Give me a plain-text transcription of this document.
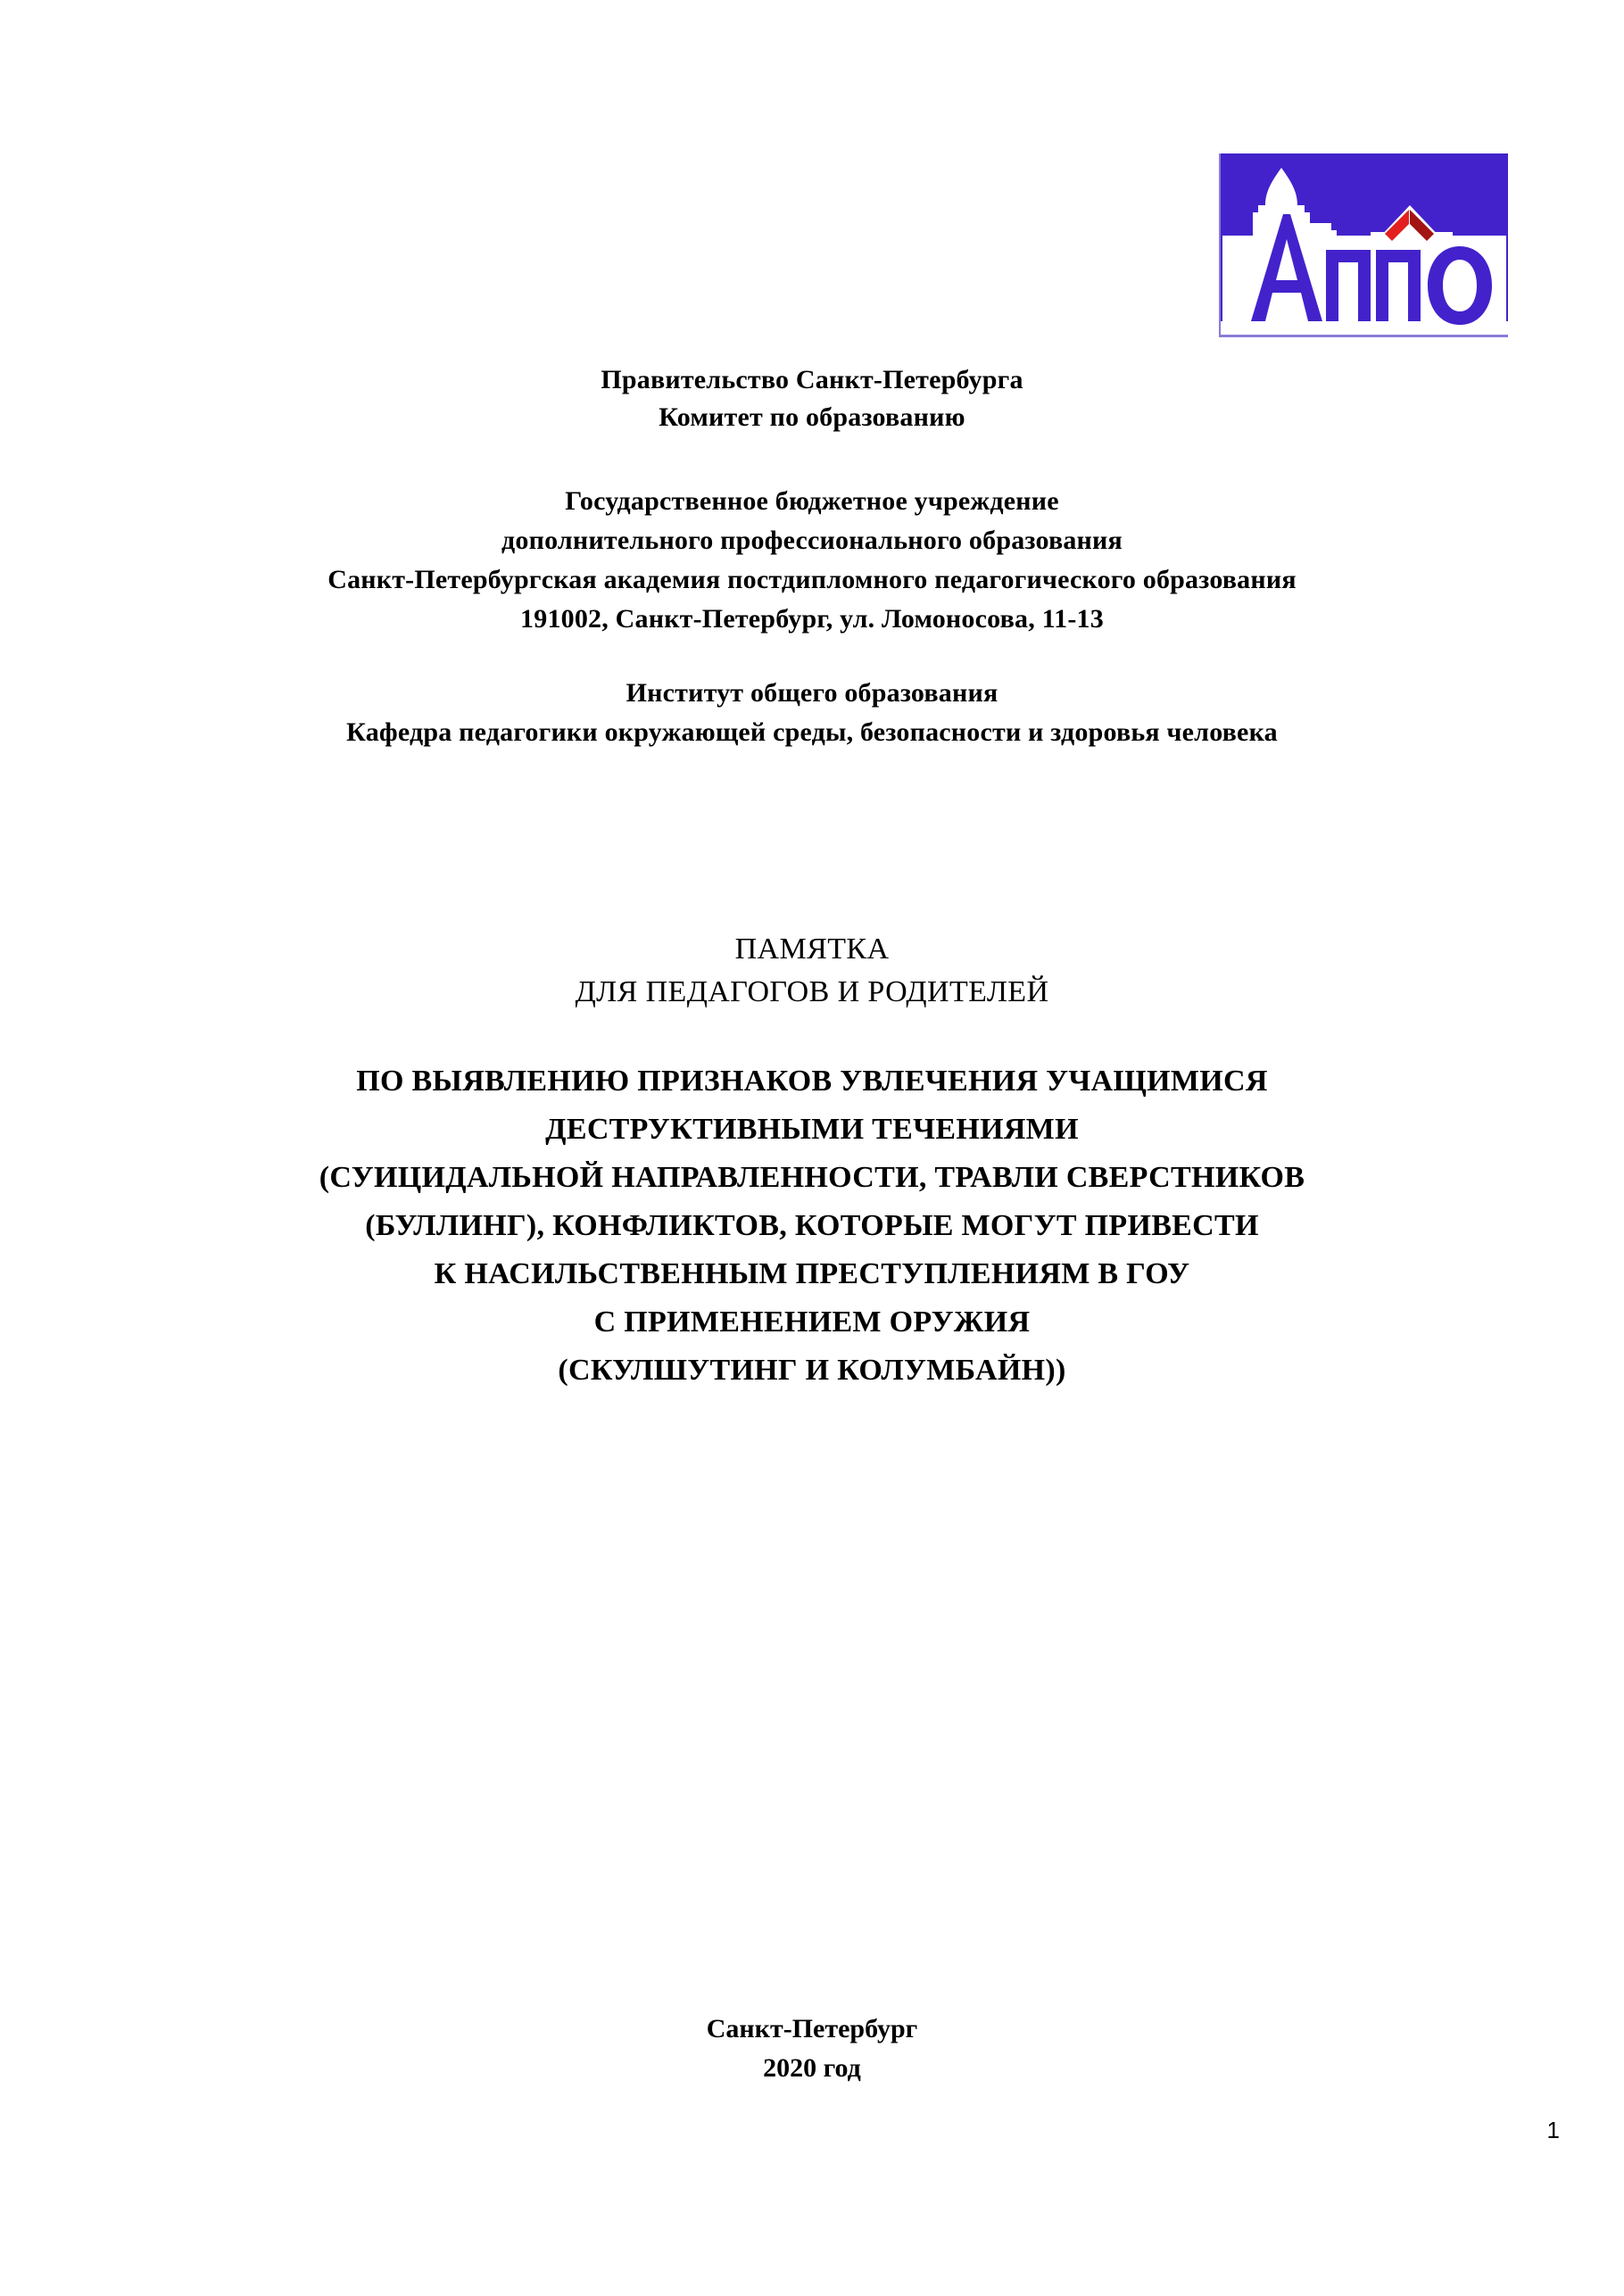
Правительство Санкт-Петербурга
Комитет по образованию
Государственное бюджетное учреждение
дополнительного профессионального образования
Санкт-Петербургская академия постдипломного педагогического образования
191002, Санкт-Петербург, ул. Ломоносова, 11-13
Институт общего образования
Кафедра педагогики окружающей среды, безопасности и здоровья человека
ПАМЯТКА
ДЛЯ ПЕДАГОГОВ И РОДИТЕЛЕЙ
ПО ВЫЯВЛЕНИЮ ПРИЗНАКОВ УВЛЕЧЕНИЯ УЧАЩИМИСЯ
ДЕСТРУКТИВНЫМИ ТЕЧЕНИЯМИ
(СУИЦИДАЛЬНОЙ НАПРАВЛЕННОСТИ, ТРАВЛИ СВЕРСТНИКОВ
(БУЛЛИНГ), КОНФЛИКТОВ, КОТОРЫЕ МОГУТ ПРИВЕСТИ
К НАСИЛЬСТВЕННЫМ ПРЕСТУПЛЕНИЯМ В ГОУ
С ПРИМЕНЕНИЕМ ОРУЖИЯ
(СКУЛШУТИНГ И КОЛУМБАЙН))
Санкт-Петербург
2020 год
1
